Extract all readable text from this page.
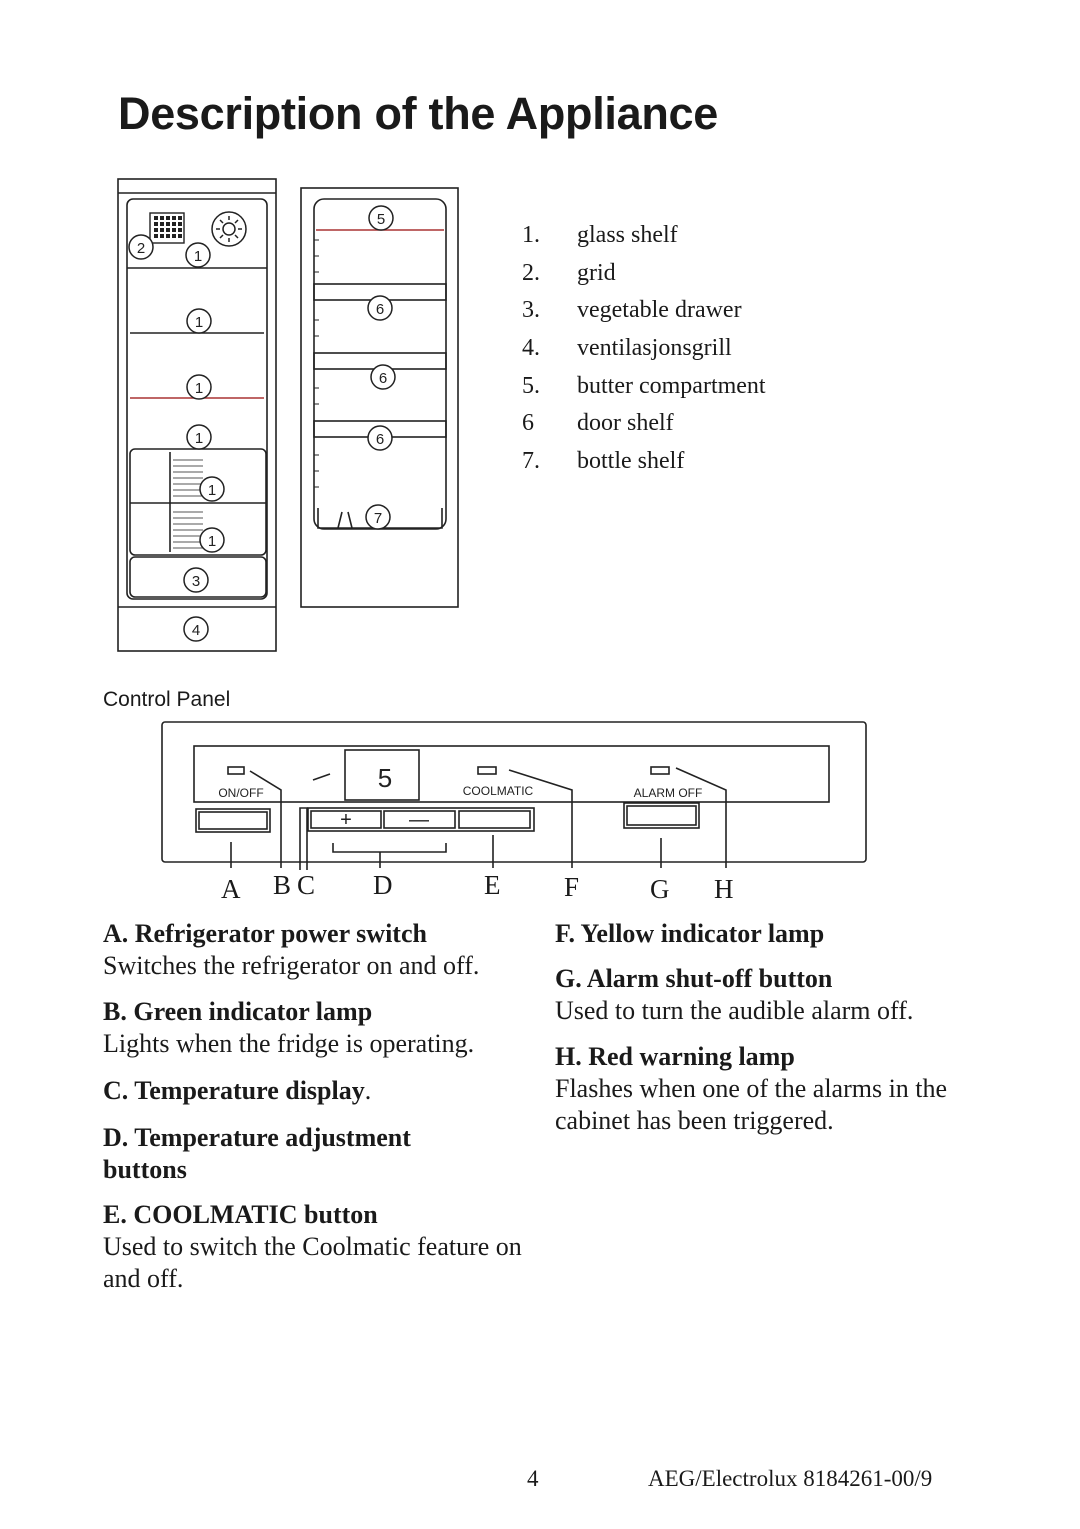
Description of the Appliance
2	1
1
1
1
1
1
3
4
5
6
6
6
7
1.	glass shelf
2.	grid
3.	vegetable drawer
4.	ventilasjonsgrill
5.	butter compartment
6	door shelf
7.	bottle shelf
Control Panel
5
ON/OFF	COOLMATIC	ALARM OFF
+	—
A B C D	E F	G H

A. Refrigerator power switch

Switches the refrigerator on and off.

B. Green indicator lamp

Lights when the fridge is operating.

C. Temperature display.

D. Temperature adjustment buttons

E. COOLMATIC button

Used to switch the Coolmatic feature on and off.

F. Yellow indicator lamp

G. Alarm shut-off button

Used to turn the audible alarm off.

H. Red warning lamp

Flashes when one of the alarms in the cabinet has been triggered.

4	AEG/Electrolux 8184261-00/9
